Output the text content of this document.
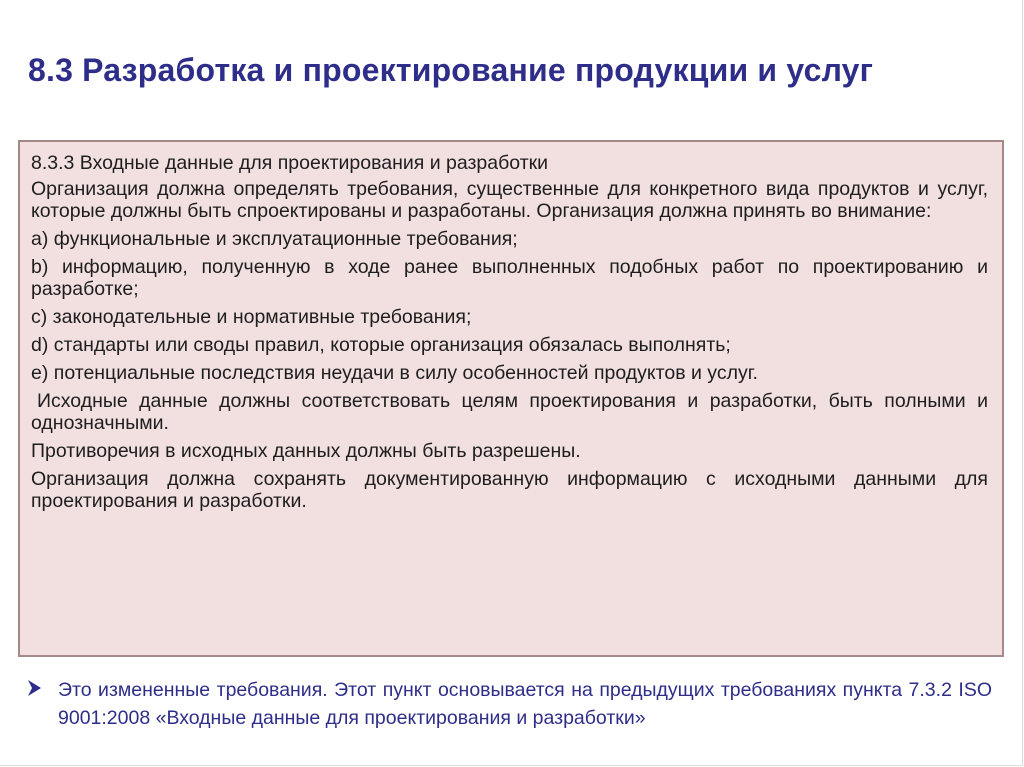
8.3 Разработка и проектирование продукции и услуг

8.3.3 Входные данные для проектирования и разработки

Организация должна определять требования, существенные для конкретного вида продуктов и услуг, которые должны быть спроектированы и разработаны. Организация должна принять во внимание:

a) функциональные и эксплуатационные требования;

b) информацию, полученную в ходе ранее выполненных подобных работ по проектированию и разработке;

c) законодательные и нормативные требования;

d) стандарты или своды правил, которые организация обязалась выполнять;

e) потенциальные последствия неудачи в силу особенностей продуктов и услуг.

Исходные данные должны соответствовать целям проектирования и разработки, быть полными и однозначными.

Противоречия в исходных данных должны быть разрешены.

Организация должна сохранять документированную информацию с исходными данными для проектирования и разработки.

Это измененные требования. Этот пункт основывается на предыдущих требованиях пункта 7.3.2 ISO 9001:2008 «Входные данные для проектирования и разработки»
